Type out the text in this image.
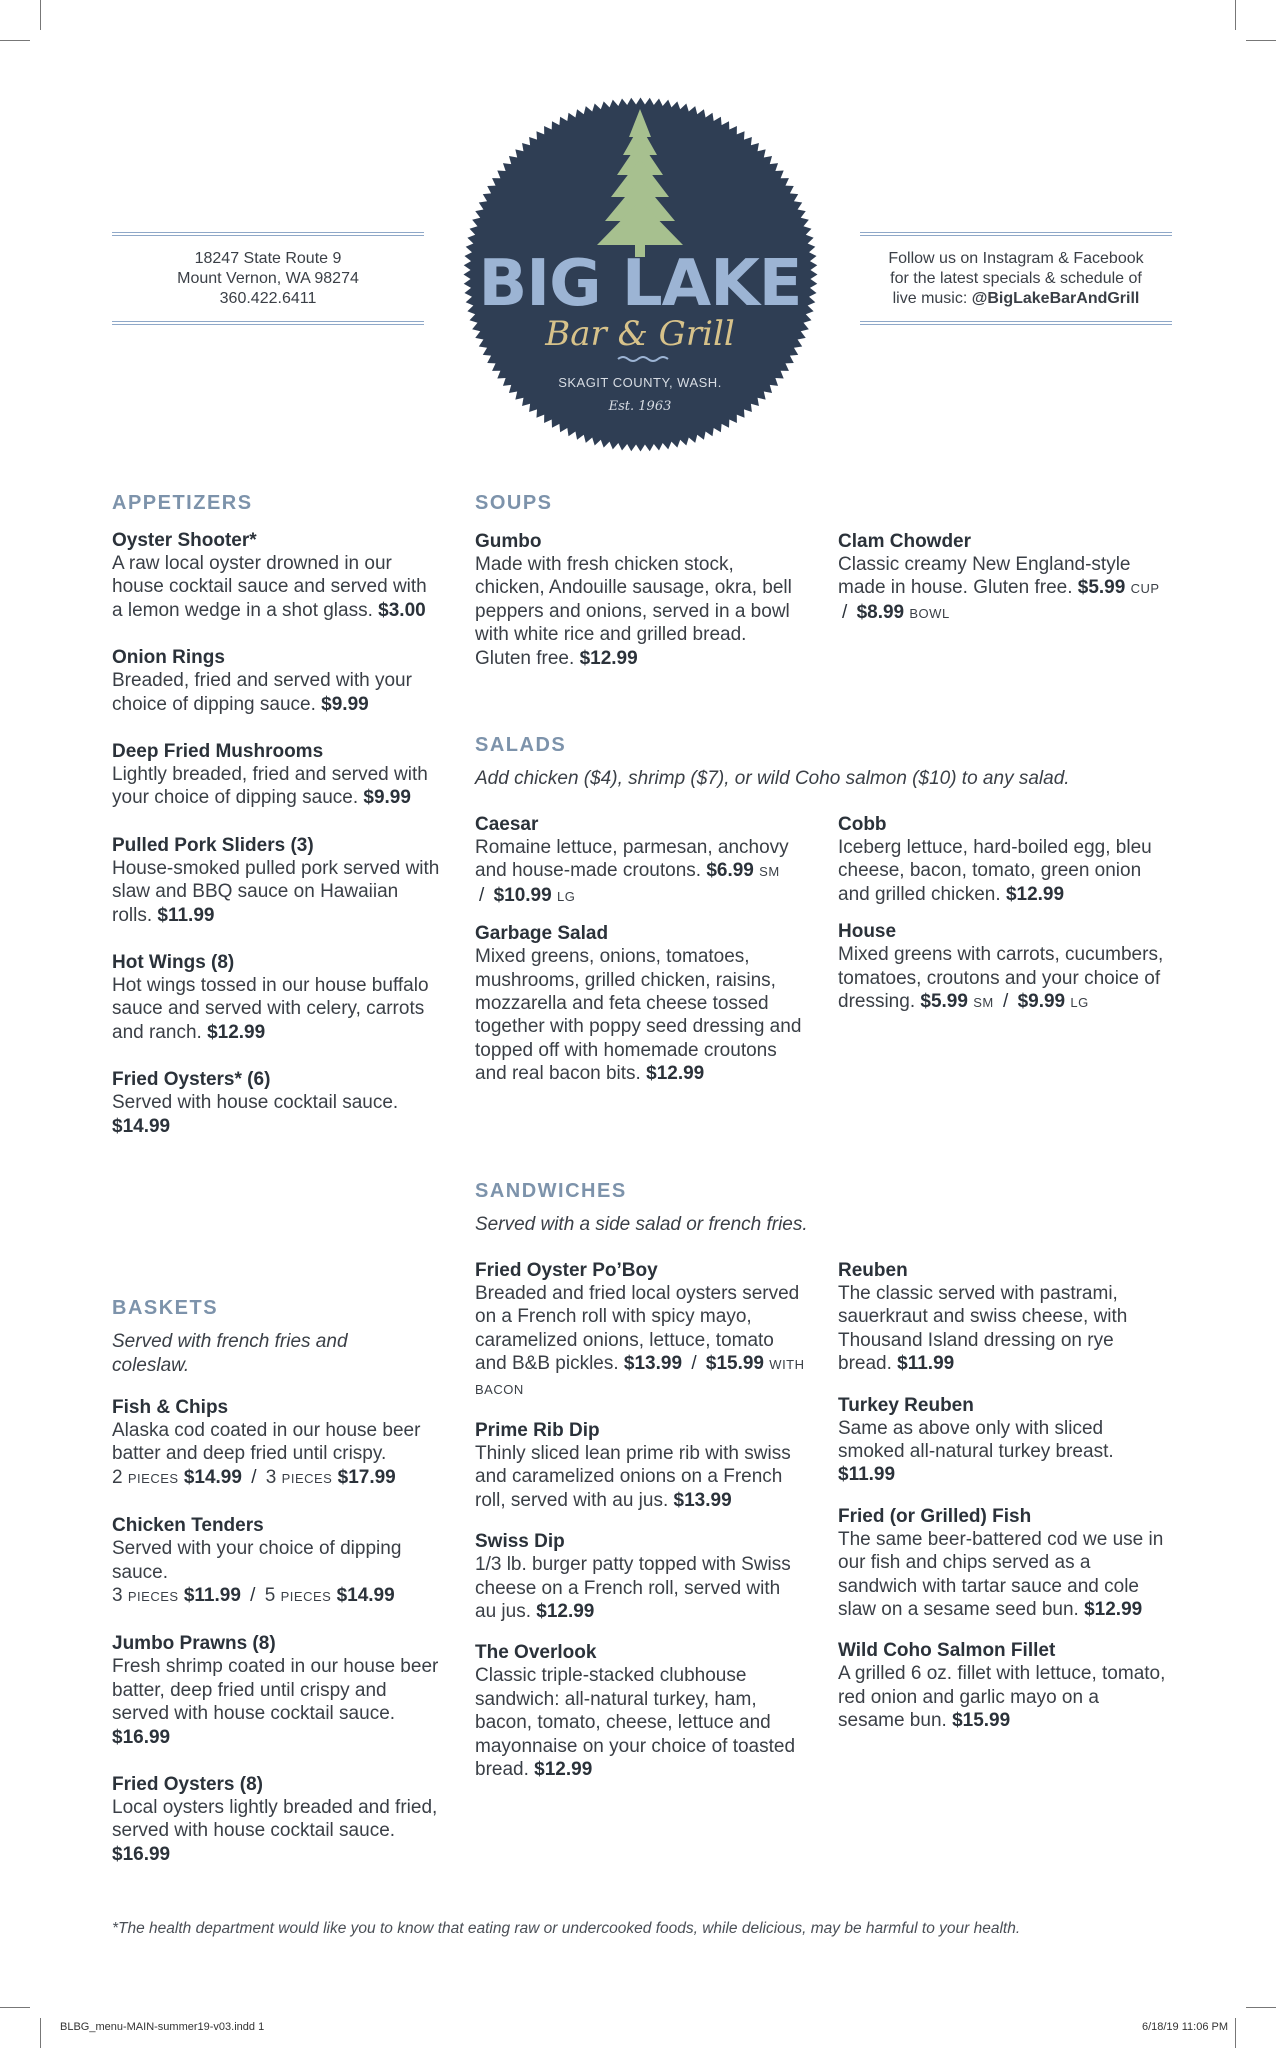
18247 State Route 9
Mount Vernon, WA 98274
360.422.6411
Follow us on Instagram & Facebook
for the latest specials & schedule of
live music: @BigLakeBarAndGrill
BIG LAKE
Bar & Grill
SKAGIT COUNTY, WASH.
Est. 1963
APPETIZERS
Oyster Shooter*
A raw local oyster drowned in our house cocktail sauce and served with a lemon wedge in a shot glass. $3.00
Onion Rings
Breaded, fried and served with your choice of dipping sauce. $9.99
Deep Fried Mushrooms
Lightly breaded, fried and served with your choice of dipping sauce. $9.99
Pulled Pork Sliders (3)
House-smoked pulled pork served with slaw and BBQ sauce on Hawaiian rolls. $11.99
Hot Wings (8)
Hot wings tossed in our house buffalo sauce and served with celery, carrots and ranch. $12.99
Fried Oysters* (6)
Served with house cocktail sauce. $14.99
BASKETS
Served with french fries and coleslaw.
Fish & Chips
Alaska cod coated in our house beer batter and deep fried until crispy.
2 PIECES $14.99 / 3 PIECES $17.99
Chicken Tenders
Served with your choice of dipping sauce.
3 PIECES $11.99 / 5 PIECES $14.99
Jumbo Prawns (8)
Fresh shrimp coated in our house beer batter, deep fried until crispy and served with house cocktail sauce. $16.99
Fried Oysters (8)
Local oysters lightly breaded and fried, served with house cocktail sauce. $16.99
SOUPS
Gumbo
Made with fresh chicken stock, chicken, Andouille sausage, okra, bell peppers and onions, served in a bowl with white rice and grilled bread. Gluten free. $12.99
Clam Chowder
Classic creamy New England-style made in house. Gluten free. $5.99 CUP / $8.99 BOWL
SALADS
Add chicken ($4), shrimp ($7), or wild Coho salmon ($10) to any salad.
Caesar
Romaine lettuce, parmesan, anchovy and house-made croutons. $6.99 SM / $10.99 LG
Garbage Salad
Mixed greens, onions, tomatoes, mushrooms, grilled chicken, raisins, mozzarella and feta cheese tossed together with poppy seed dressing and topped off with homemade croutons and real bacon bits. $12.99
Cobb
Iceberg lettuce, hard-boiled egg, bleu cheese, bacon, tomato, green onion and grilled chicken. $12.99
House
Mixed greens with carrots, cucumbers, tomatoes, croutons and your choice of dressing. $5.99 SM / $9.99 LG
SANDWICHES
Served with a side salad or french fries.
Fried Oyster Po’Boy
Breaded and fried local oysters served on a French roll with spicy mayo, caramelized onions, lettuce, tomato and B&B pickles. $13.99 / $15.99 WITH BACON
Prime Rib Dip
Thinly sliced lean prime rib with swiss and caramelized onions on a French roll, served with au jus. $13.99
Swiss Dip
1/3 lb. burger patty topped with Swiss cheese on a French roll, served with au jus. $12.99
The Overlook
Classic triple-stacked clubhouse sandwich: all-natural turkey, ham, bacon, tomato, cheese, lettuce and mayonnaise on your choice of toasted bread. $12.99
Reuben
The classic served with pastrami, sauerkraut and swiss cheese, with Thousand Island dressing on rye bread. $11.99
Turkey Reuben
Same as above only with sliced smoked all-natural turkey breast. $11.99
Fried (or Grilled) Fish
The same beer-battered cod we use in our fish and chips served as a sandwich with tartar sauce and cole slaw on a sesame seed bun. $12.99
Wild Coho Salmon Fillet
A grilled 6 oz. fillet with lettuce, tomato, red onion and garlic mayo on a sesame bun. $15.99
*The health department would like you to know that eating raw or undercooked foods, while delicious, may be harmful to your health.
BLBG_menu-MAIN-summer19-v03.indd 1	6/18/19 11:06 PM
